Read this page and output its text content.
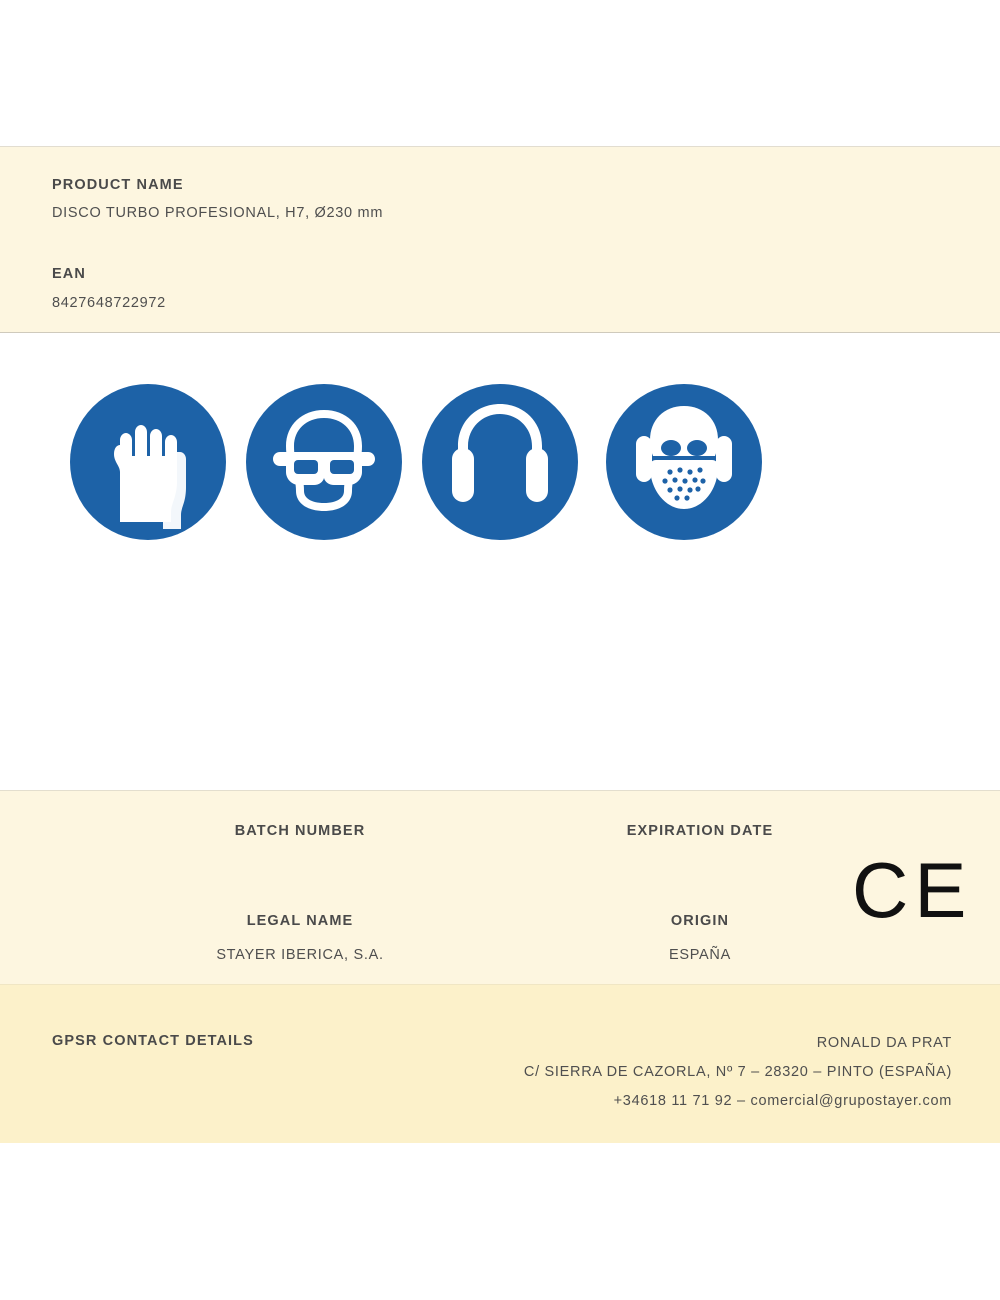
PRODUCT NAME
DISCO TURBO PROFESIONAL, H7, Ø230 mm
EAN
8427648722972
BATCH NUMBER	EXPIRATION DATE
LEGAL NAME
STAYER IBERICA, S.A.
ORIGIN
ESPAÑA
CE
GPSR CONTACT DETAILS	RONALD DA PRAT
C/ SIERRA DE CAZORLA, Nº 7 – 28320 – PINTO (ESPAÑA)
+34618 11 71 92 – comercial@grupostayer.com
